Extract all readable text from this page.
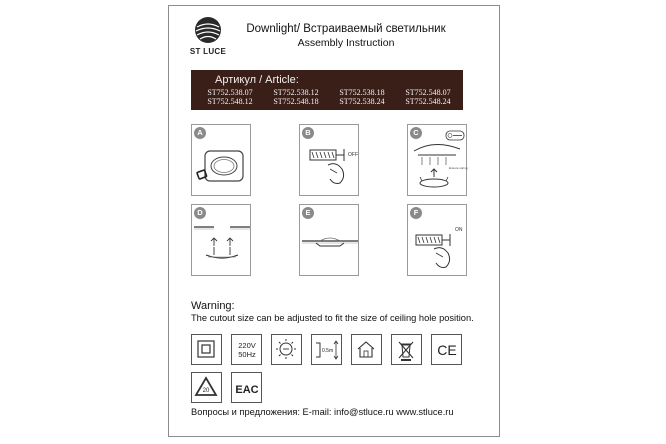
ST LUCE
Downlight/ Встраиваемый светильник
Assembly Instruction
Артикул / Article:
ST752.538.07	ST752.538.12	ST752.538.18	ST752.548.07
ST752.548.12	ST752.548.18	ST752.538.24	ST752.548.24
A
OFF
B
Ensure spring
C
D	E
ON
F
Warning:
The cutout size can be adjusted to fit the size of ceiling hole position.
220V
50Hz	0.5m	CE
20 EAC
Вопросы и предложения: E-mail: info@stluce.ru www.stluce.ru
